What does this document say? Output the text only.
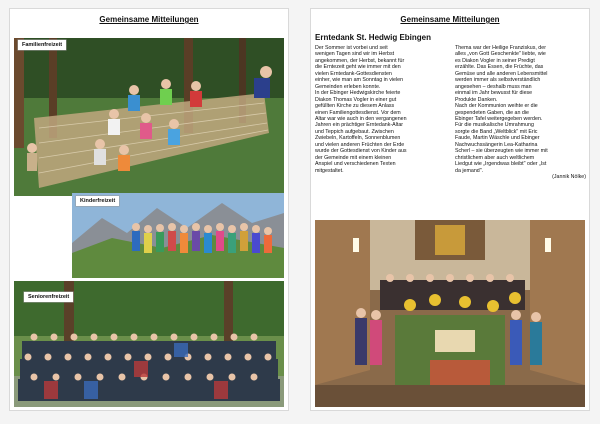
Gemeinsame Mitteilungen
Familienfreizeit
Kinderfreizeit
Seniorenfreizeit
Gemeinsame Mitteilungen
Erntedank St. Hedwig Ebingen

Der Sommer ist vorbei und seit
wenigen Tagen sind wir im Herbst
angekommen, der Herbst, bekannt für
die Erntezeit geht wie immer mit den
vielen Erntedank-Gottesdiensten
einher, wie man am Sonntag in vielen
Gemeinden erleben konnte.
In der Ebinger Hedwigskirche feierte
Diakon Thomas Vogler in einer gut
gefüllten Kirche zu diesem Anlass
einen Familiengottesdienst. Vor dem
Altar war wie auch in den vergangenen
Jahren ein prächtiger Erntedank-Altar
und Teppich aufgebaut. Zwischen
Zwiebeln, Kartoffeln, Sonnenblumen
und vielen anderen Früchten der Erde
wurde der Gottesdienst von Kinder aus
der Gemeinde mit einem kleinen
Anspiel und verschiedenen Texten
mitgestaltet.

Thema war der Heilige Franziskus, der
alles „von Gott Geschenkte" liebte, wie
es Diakon Vogler in seiner Predigt
erzählte. Das Essen, die Früchte, das
Gemüse und alle anderen Lebensmittel
werden immer als selbstverständlich
angesehen – deshalb muss man
einmal im Jahr bewusst für diese
Produkte Danken.
Nach der Kommunion weihte er die
gespendeten Gaben, die an die
Ebinger Tafel weitergegeben werden.
Für die musikalische Umrahmung
sorgte die Band „Weltblick" mit Eric
Faude, Martin Wäschle und Ebinger
Nachwuchssängerin Lea-Katharina
Scherl – sie überzeugten wie immer mit
christlichem aber auch weltlichem
Liedgut wie „Irgendwas bleibt" oder „Ist
da jemand".

(Jannik Nölke)
